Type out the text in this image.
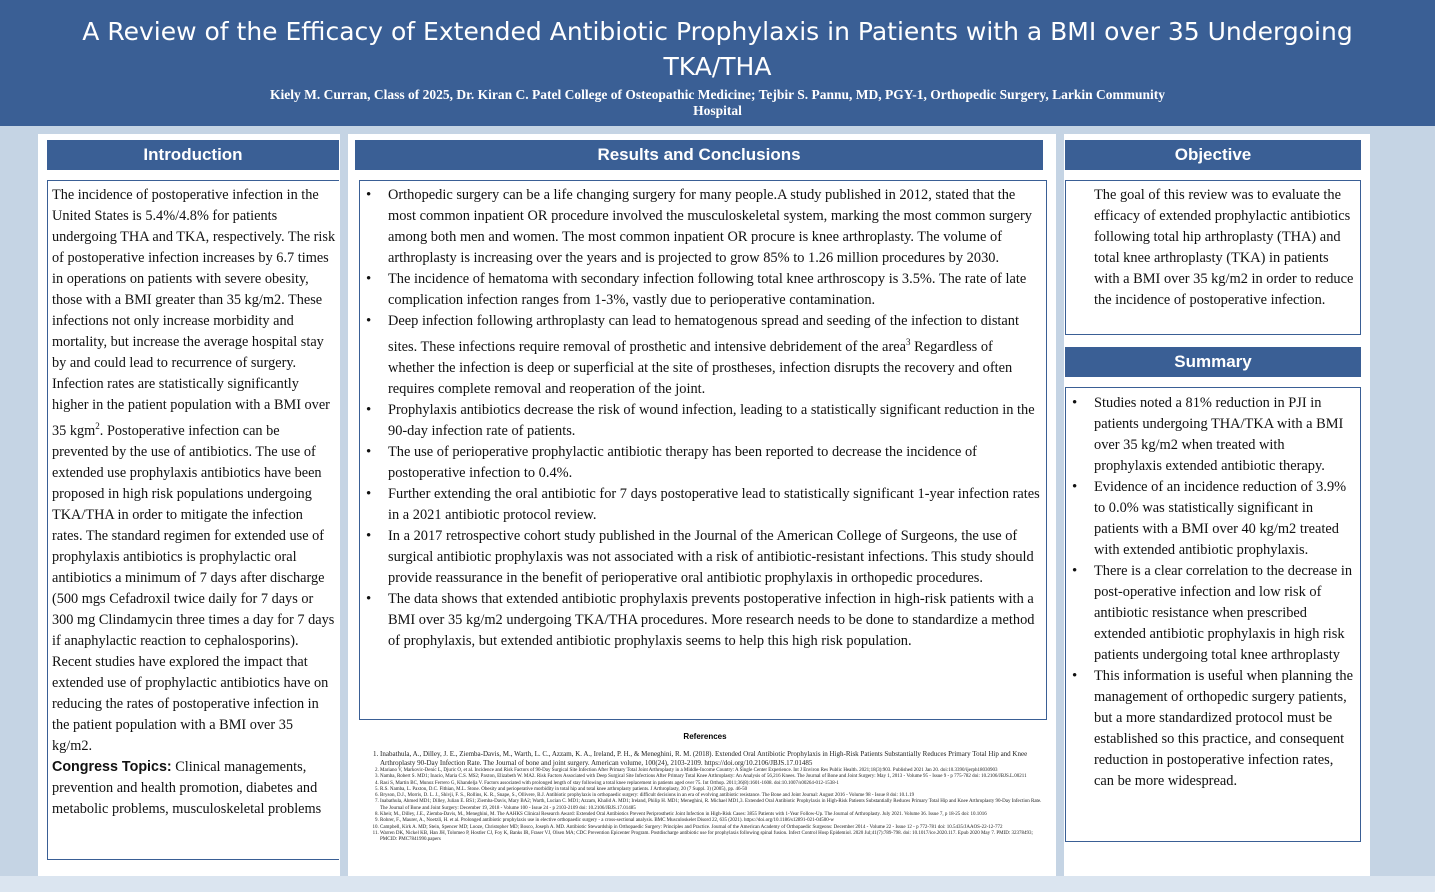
A Review of the Efficacy of Extended Antibiotic Prophylaxis in Patients with a BMI over 35 Undergoing TKA/THA
Kiely M. Curran, Class of 2025, Dr. Kiran C. Patel College of Osteopathic Medicine; Tejbir S. Pannu, MD, PGY-1, Orthopedic Surgery, Larkin Community Hospital
Introduction

The incidence of postoperative infection in the United States is 5.4%/4.8% for patients undergoing THA and TKA, respectively. The risk of postoperative infection increases by 6.7 times in operations on patients with severe obesity, those with a BMI greater than 35 kg/m2. These infections not only increase morbidity and mortality, but increase the average hospital stay by and could lead to recurrence of surgery. Infection rates are statistically significantly higher in the patient population with a BMI over 35 kgm$^2$. Postoperative infection can be prevented by the use of antibiotics. The use of extended use prophylaxis antibiotics have been proposed in high risk populations undergoing TKA/THA in order to mitigate the infection rates. The standard regimen for extended use of prophylaxis antibiotics is prophylactic oral antibiotics a minimum of 7 days after discharge (500 mgs Cefadroxil twice daily for 7 days or 300 mg Clindamycin three times a day for 7 days if anaphylactic reaction to cephalosporins). Recent studies have explored the impact that extended use of prophylactic antibiotics have on reducing the rates of postoperative infection in the patient population with a BMI over 35 kg/m2.

Congress Topics: Clinical managements, prevention and health promotion, diabetes and metabolic problems, musculoskeletal problems

Results and Conclusions
• Orthopedic surgery can be a life changing surgery for many people.A study published in 2012, stated that the most common inpatient OR procedure involved the musculoskeletal system, marking the most common surgery among both men and women. The most common inpatient OR procure is knee arthroplasty. The volume of arthroplasty is increasing over the years and is projected to grow 85% to 1.26 million procedures by 2030.
• The incidence of hematoma with secondary infection following total knee arthroscopy is 3.5%. The rate of late complication infection ranges from 1-3%, vastly due to perioperative contamination.
• Deep infection following arthroplasty can lead to hematogenous spread and seeding of the infection to distant sites. These infections require removal of prosthetic and intensive debridement of the area$^3$ Regardless of whether the infection is deep or superficial at the site of prostheses, infection disrupts the recovery and often requires complete removal and reoperation of the joint.
• Prophylaxis antibiotics decrease the risk of wound infection, leading to a statistically significant reduction in the 90-day infection rate of patients.
• The use of perioperative prophylactic antibiotic therapy has been reported to decrease the incidence of postoperative infection to 0.4%.
• Further extending the oral antibiotic for 7 days postoperative lead to statistically significant 1-year infection rates in a 2021 antibiotic protocol review.
• In a 2017 retrospective cohort study published in the Journal of the American College of Surgeons, the use of surgical antibiotic prophylaxis was not associated with a risk of antibiotic-resistant infections. This study should provide reassurance in the benefit of perioperative oral antibiotic prophylaxis in orthopedic procedures.
• The data shows that extended antibiotic prophylaxis prevents postoperative infection in high-risk patients with a BMI over 35 kg/m2 undergoing TKA/THA procedures. More research needs to be done to standardize a method of prophylaxis, but extended antibiotic prophylaxis seems to help this high risk population.
References
1. Inabathula, A., Dilley, J. E., Ziemba-Davis, M., Warth, L. C., Azzam, K. A., Ireland, P. H., & Meneghini, R. M. (2018). Extended Oral Antibiotic Prophylaxis in High-Risk Patients Substantially Reduces Primary Total Hip and Knee Arthroplasty 90-Day Infection Rate. The Journal of bone and joint surgery. American volume, 100(24), 2103-2109. https://doi.org/10.2106/JBJS.17.01485
2. Mariano V, Markovic-Denic L, Djuric O, et al. Incidence and Risk Factors of 90-Day Surgical Site Infection After Primary Total Joint Arthroplasty in a Middle-Income Country: A Single Center Experience. Int J Environ Res Public Health. 2021;18(3):903. Published 2021 Jan 20. doi:10.3390/ijerph18030903
3. Namba, Robert S. MD1; Inacio, Maria C.S. MS2; Paxton, Elizabeth W. MA2. Risk Factors Associated with Deep Surgical Site Infections After Primary Total Knee Arthroplasty: An Analysis of 56,216 Knees. The Journal of Bone and Joint Surgery: May 1, 2013 - Volume 95 - Issue 9 - p 775-782 doi: 10.2106/JBJS.L.00211
4. Rasi S, Martin BC, Munoz Ferrero G, Khandelja V. Factors associated with prolonged length of stay following a total knee replacement in patients aged over 75. Int Orthop. 2011;36(8):1601-1608. doi:10.1007/s00264-012-1538-1
5. R.S. Namba, L. Paxton, D.C. Fithian, M.L. Stone. Obesity and perioperative morbidity in total hip and total knee arthroplasty patients. J Arthroplasty, 20 (7 Suppl. 3) (2005), pp. 46-50
6. Bryson, D.J., Morris, D. L. J., Shivji, F. S., Rollins, K. R., Snape, S., Ollivere, B.J. Antibiotic prophylaxis in orthopaedic surgery: difficult decisions in an era of evolving antibiotic resistance. The Bone and Joint Journal: August 2016 - Volume 98 - Issue 8 doi: 10.1.19
7. Inabathula, Ahmed MD1; Dilley, Julian E. BS1; Ziemba-Davis, Mary BA2; Warth, Lucian C. MD1; Azzam, Khalid A. MD1; Ireland, Philip H. MD1; Meneghini, R. Michael MD1,3. Extended Oral Antibiotic Prophylaxis in High-Risk Patients Substantially Reduces Primary Total Hip and Knee Arthroplasty 90-Day Infection Rate. The Journal of Bone and Joint Surgery: December 19, 2018 - Volume 100 - Issue 24 - p 2103-2109 doi: 10.2106/JBJS.17.01485
8. Kheir, M., Dilley, J.E., Ziemba-Davis, M., Meneghini, M. The AAHKS Clinical Research Award: Extended Oral Antibiotics Prevent Periprosthetic Joint Infection in High-Risk Cases: 3855 Patients with 1-Year Follow-Up. The Journal of Arthroplasty. July 2021. Volume 36. Issue 7, p 18-25 doi: 10.1016
9. Rohrer, F., Maurer, A., Noetzli, H. et al. Prolonged antibiotic prophylaxis use in elective orthopaedic surgery - a cross-sectional analysis. BMC Musculoskelet Disord 22, 635 (2021). https://doi.org/10.1186/s12891-021-04500-w
10. Campbell, Kirk A. MD; Stein, Spencer MD; Looze, Christopher MD; Bosco, Joseph A. MD. Antibiotic Stewardship in Orthopaedic Surgery: Principles and Practice. Journal of the American Academy of Orthopaedic Surgeons: December 2014 - Volume 22 - Issue 12 - p 772-781 doi: 10.5435/JAAOS-22-12-772
11. Warren DK, Nickel KB, Han JH, Tolomeo P, Hostler CJ, Foy K, Banks IR, Fraser VJ, Olsen MA; CDC Prevention Epicenter Program. Postdischarge antibiotic use for prophylaxis following spinal fusion. Infect Control Hosp Epidemiol. 2020 Jul;41(7):789-798. doi: 10.1017/ice.2020.117. Epub 2020 May 7. PMID: 32378493; PMCID: PMC7841990.papers
Objective

The goal of this review was to evaluate the efficacy of extended prophylactic antibiotics following total hip arthroplasty (THA) and total knee arthroplasty (TKA) in patients with a BMI over 35 kg/m2 in order to reduce the incidence of postoperative infection.

Summary
• Studies noted a 81% reduction in PJI in patients undergoing THA/TKA with a BMI over 35 kg/m2 when treated with prophylaxis extended antibiotic therapy.
• Evidence of an incidence reduction of 3.9% to 0.0% was statistically significant in patients with a BMI over 40 kg/m2 treated with extended antibiotic prophylaxis.
• There is a clear correlation to the decrease in post-operative infection and low risk of antibiotic resistance when prescribed extended antibiotic prophylaxis in high risk patients undergoing total knee arthroplasty
• This information is useful when planning the management of orthopedic surgery patients, but a more standardized protocol must be established so this practice, and consequent reduction in postoperative infection rates, can be more widespread.
